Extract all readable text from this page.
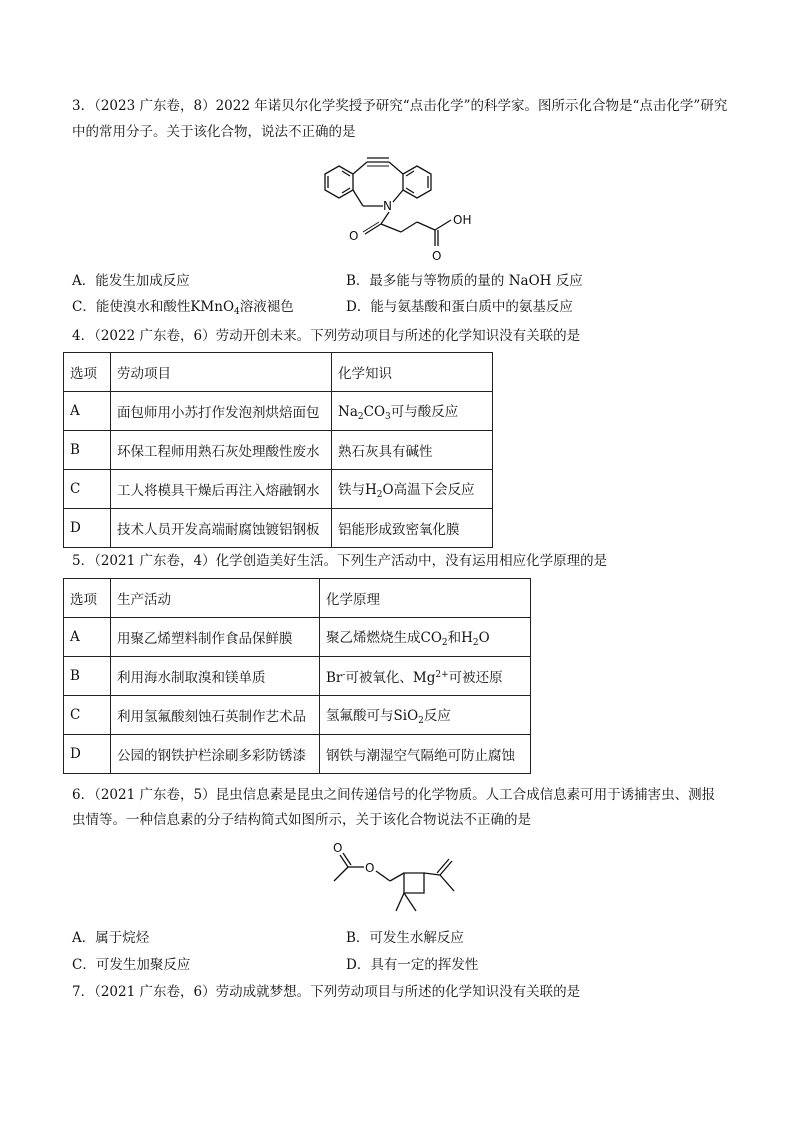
3．（2023 广东卷，8）2022 年诺贝尔化学奖授予研究“点击化学”的科学家。图所示化合物是“点击化学”研究
中的常用分子。关于该化合物，说法不正确的是
N
O
OH
O
A．能发生加成反应	B．最多能与等物质的量的 NaOH 反应
C．能使溴水和酸性KMnO$_4$溶液褪色	D．能与氨基酸和蛋白质中的氨基反应
4．（2022 广东卷，6）劳动开创未来。下列劳动项目与所述的化学知识没有关联的是
选项	劳动项目	化学知识
A	面包师用小苏打作发泡剂烘焙面包	$Na_2CO_3$可与酸反应
B	环保工程师用熟石灰处理酸性废水	熟石灰具有碱性
C	工人将模具干燥后再注入熔融钢水	铁与$H_2O$高温下会反应
D	技术人员开发高端耐腐蚀镀铝钢板	铝能形成致密氧化膜
5．（2021 广东卷，4）化学创造美好生活。下列生产活动中，没有运用相应化学原理的是
选项	生产活动	化学原理
A	用聚乙烯塑料制作食品保鲜膜	聚乙烯燃烧生成$CO_2$和$H_2O$
B	利用海水制取溴和镁单质	Br-可被氧化、$Mg^{2+}$可被还原
C	利用氢氟酸刻蚀石英制作艺术品	氢氟酸可与SiO$_2$反应
D	公园的钢铁护栏涂刷多彩防锈漆	钢铁与潮湿空气隔绝可防止腐蚀
6．（2021 广东卷，5）昆虫信息素是昆虫之间传递信号的化学物质。人工合成信息素可用于诱捕害虫、测报
虫情等。一种信息素的分子结构简式如图所示，关于该化合物说法不正确的是
O
O
A．属于烷烃	B．可发生水解反应
C．可发生加聚反应	D．具有一定的挥发性
7．（2021 广东卷，6）劳动成就梦想。下列劳动项目与所述的化学知识没有关联的是
